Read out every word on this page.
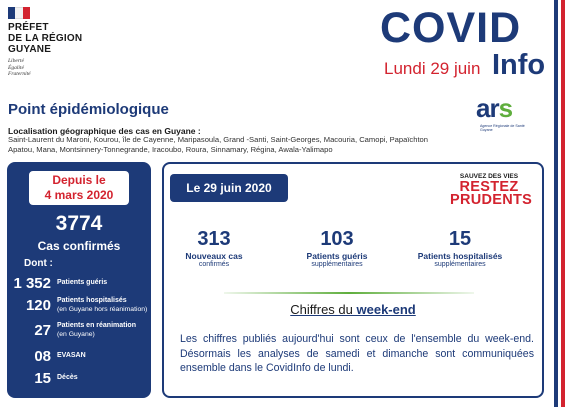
PRÉFET
DE LA RÉGION
GUYANE
Liberté
Égalité
Fraternité
COVID
Lundi 29 juin Info
Point épidémiologique
Localisation géographique des cas en Guyane :
Saint-Laurent du Maroni, Kourou, île de Cayenne, Maripasoula, Grand -Santi, Saint-Georges, Macouria, Camopi, Papaïchton Apatou, Mana, Montsinnery-Tonnegrande, Iracoubo, Roura, Sinnamary, Régina, Awala-Yalimapo
ars
Agence Régionale de Santé Guyane
Depuis le
4 mars 2020
3774
Cas confirmés
Dont :
1 352 Patients guéris
120 Patients hospitalisés
(en Guyane hors réanimation)
27 Patients en réanimation
(en Guyane)
08 EVASAN
15 Décès
Le 29 juin 2020
SAUVEZ DES VIES
RESTEZ
PRUDENTS
313
Nouveaux cas
confirmés
103
Patients guéris
supplémentaires
15
Patients hospitalisés
supplémentaires
Chiffres du week-end
Les chiffres publiés aujourd'hui sont ceux de l'ensemble du week-end. Désormais les analyses de samedi et dimanche sont communiquées ensemble dans le CovidInfo de lundi.
